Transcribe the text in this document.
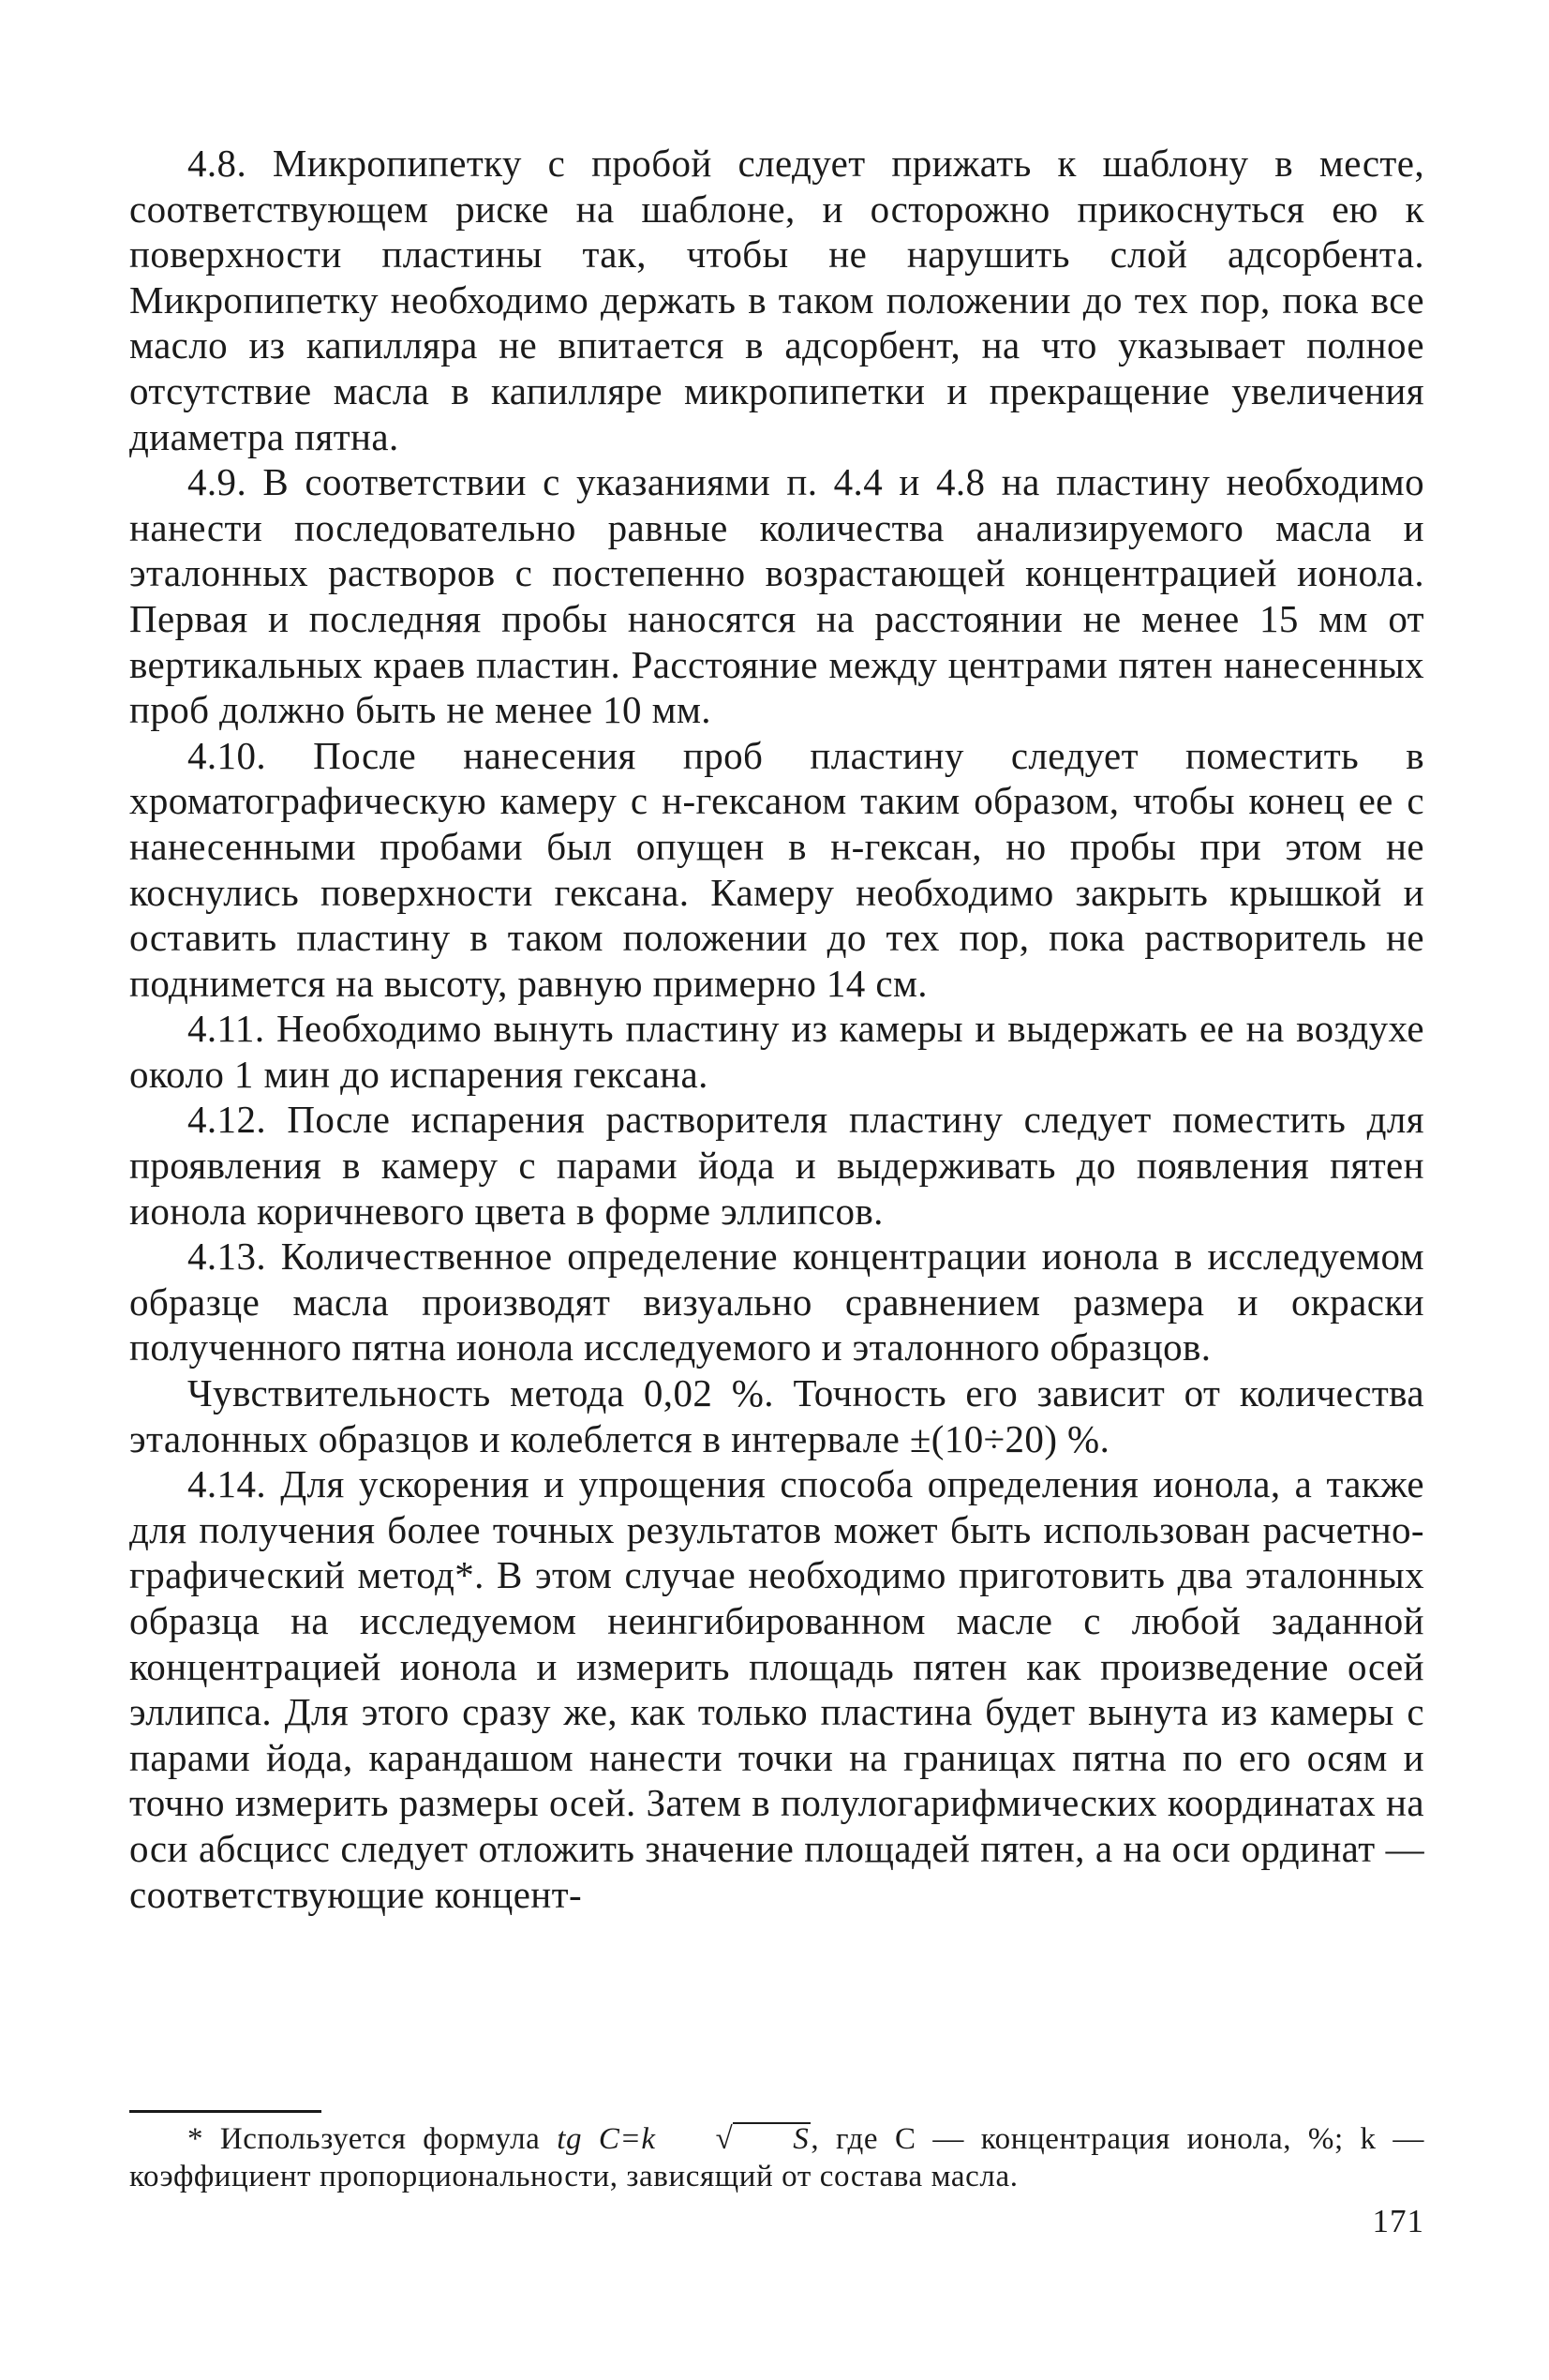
4.8. Микропипетку с пробой следует прижать к шаблону в месте, соответствующем риске на шаблоне, и осторожно прикоснуться ею к поверхности пластины так, чтобы не нарушить слой адсорбента. Микропипетку необходимо держать в таком положении до тех пор, пока все масло из капилляра не впитается в адсорбент, на что указывает полное отсутствие масла в капилляре микропипетки и прекращение увеличения диаметра пятна.

4.9. В соответствии с указаниями п. 4.4 и 4.8 на пластину необходимо нанести последовательно равные количества анализируемого масла и эталонных растворов с постепенно возрастающей концентрацией ионола. Первая и последняя пробы наносятся на расстоянии не менее 15 мм от вертикальных краев пластин. Расстояние между центрами пятен нанесенных проб должно быть не менее 10 мм.

4.10. После нанесения проб пластину следует поместить в хроматографическую камеру с н-гексаном таким образом, чтобы конец ее с нанесенными пробами был опущен в н-гексан, но пробы при этом не коснулись поверхности гексана. Камеру необходимо закрыть крышкой и оставить пластину в таком положении до тех пор, пока растворитель не поднимется на высоту, равную примерно 14 см.

4.11. Необходимо вынуть пластину из камеры и выдержать ее на воздухе около 1 мин до испарения гексана.

4.12. После испарения растворителя пластину следует поместить для проявления в камеру с парами йода и выдерживать до появления пятен ионола коричневого цвета в форме эллипсов.

4.13. Количественное определение концентрации ионола в исследуемом образце масла производят визуально сравнением размера и окраски полученного пятна ионола исследуемого и эталонного образцов.

Чувствительность метода 0,02 %. Точность его зависит от количества эталонных образцов и колеблется в интервале ±(10÷20) %.

4.14. Для ускорения и упрощения способа определения ионола, а также для получения более точных результатов может быть использован расчетно-графический метод*. В этом случае необходимо приготовить два эталонных образца на исследуемом неингибированном масле с любой заданной концентрацией ионола и измерить площадь пятен как произведение осей эллипса. Для этого сразу же, как только пластина будет вынута из камеры с парами йода, карандашом нанести точки на границах пятна по его осям и точно измерить размеры осей. Затем в полулогарифмических координатах на оси абсцисс следует отложить значение площадей пятен, а на оси ординат — соответствующие концент-

* Используется формула tg C=k √ S, где C — концентрация ионола, %; k — коэффициент пропорциональности, зависящий от состава масла.

171
